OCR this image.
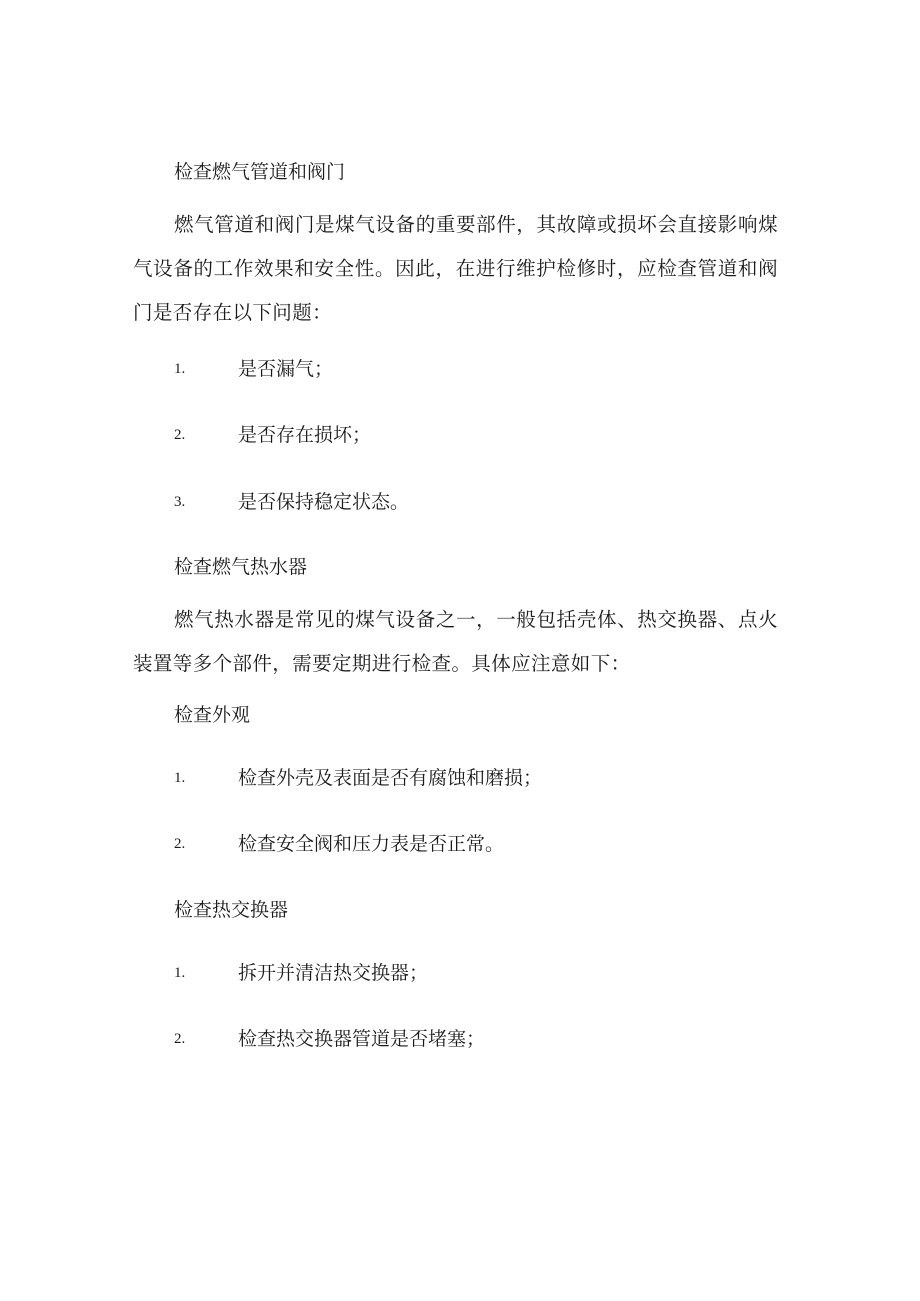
检查燃气管道和阀门
燃气管道和阀门是煤气设备的重要部件，其故障或损坏会直接影响煤气设备的工作效果和安全性。因此，在进行维护检修时，应检查管道和阀门是否存在以下问题：
1.	是否漏气；
2.	是否存在损坏；
3.	是否保持稳定状态。
检查燃气热水器
燃气热水器是常见的煤气设备之一，一般包括壳体、热交换器、点火装置等多个部件，需要定期进行检查。具体应注意如下：
检查外观
1.	检查外壳及表面是否有腐蚀和磨损；
2.	检查安全阀和压力表是否正常。
检查热交换器
1.	拆开并清洁热交换器；
2.	检查热交换器管道是否堵塞；
